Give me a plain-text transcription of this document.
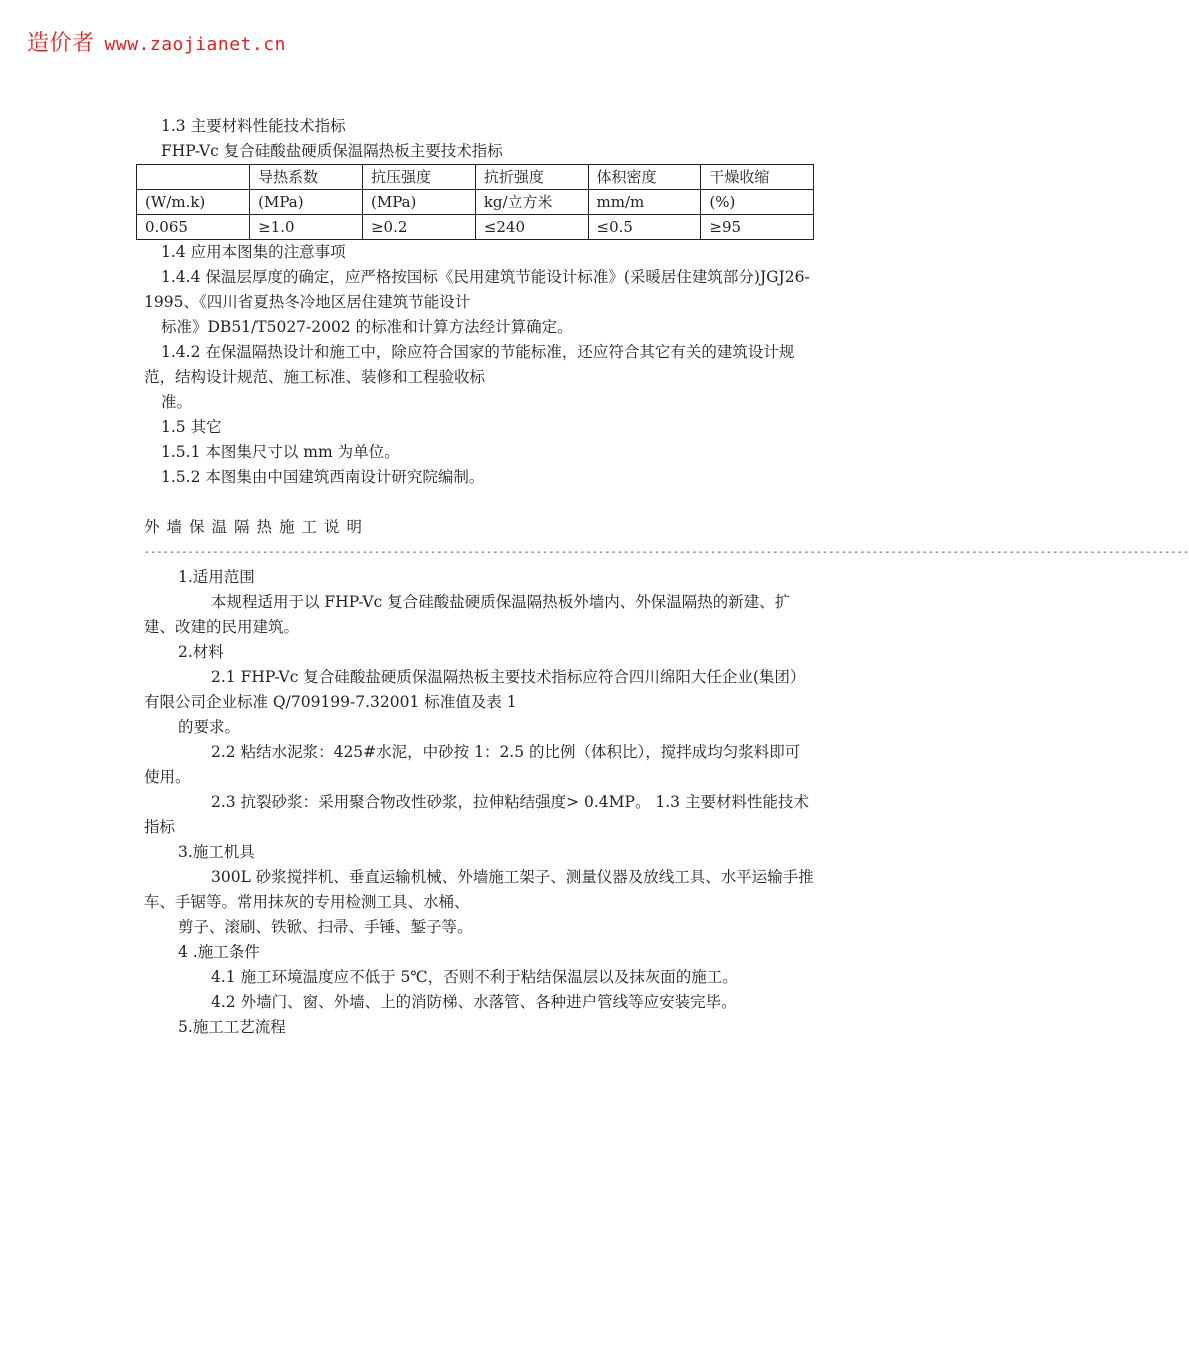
造价者 www.zaojianet.cn
1.3 主要材料性能技术指标
FHP-Vc 复合硅酸盐硬质保温隔热板主要技术指标
	导热系数	抗压强度	抗折强度	体积密度	干燥收缩
(W/m.k)	(MPa)	(MPa)	kg/立方米	mm/m	(%)
0.065	≥1.0	≥0.2	≤240	≤0.5	≥95
1.4 应用本图集的注意事项
1.4.4 保温层厚度的确定，应严格按国标《民用建筑节能设计标准》(采暖居住建筑部分)JGJ26-1995、《四川省夏热冬冷地区居住建筑节能设计
标准》DB51/T5027-2002 的标准和计算方法经计算确定。
1.4.2 在保温隔热设计和施工中，除应符合国家的节能标准，还应符合其它有关的建筑设计规范，结构设计规范、施工标准、装修和工程验收标
准。
1.5 其它
1.5.1 本图集尺寸以 mm 为单位。
1.5.2 本图集由中国建筑西南设计研究院编制。
外墙保温隔热施工说明
------------------------------------------------------------------------------------------------------------------------------------------------------------------------
1.适用范围
本规程适用于以 FHP-Vc 复合硅酸盐硬质保温隔热板外墙内、外保温隔热的新建、扩建、改建的民用建筑。
2.材料
2.1 FHP-Vc 复合硅酸盐硬质保温隔热板主要技术指标应符合四川绵阳大任企业(集团）有限公司企业标准 Q/709199-7.32001 标准值及表 1
的要求。
2.2 粘结水泥浆：425#水泥，中砂按 1：2.5 的比例（体积比），搅拌成均匀浆料即可使用。
2.3 抗裂砂浆：采用聚合物改性砂浆，拉伸粘结强度> 0.4MP。 1.3 主要材料性能技术指标
3.施工机具
300L 砂浆搅拌机、垂直运输机械、外墙施工架子、测量仪器及放线工具、水平运输手推车、手锯等。常用抹灰的专用检测工具、水桶、
剪子、滚刷、铁锨、扫帚、手锤、錾子等。
4 .施工条件
4.1 施工环境温度应不低于 5℃，否则不利于粘结保温层以及抹灰面的施工。
4.2 外墙门、窗、外墙、上的消防梯、水落管、各种进户管线等应安装完毕。
5.施工工艺流程
